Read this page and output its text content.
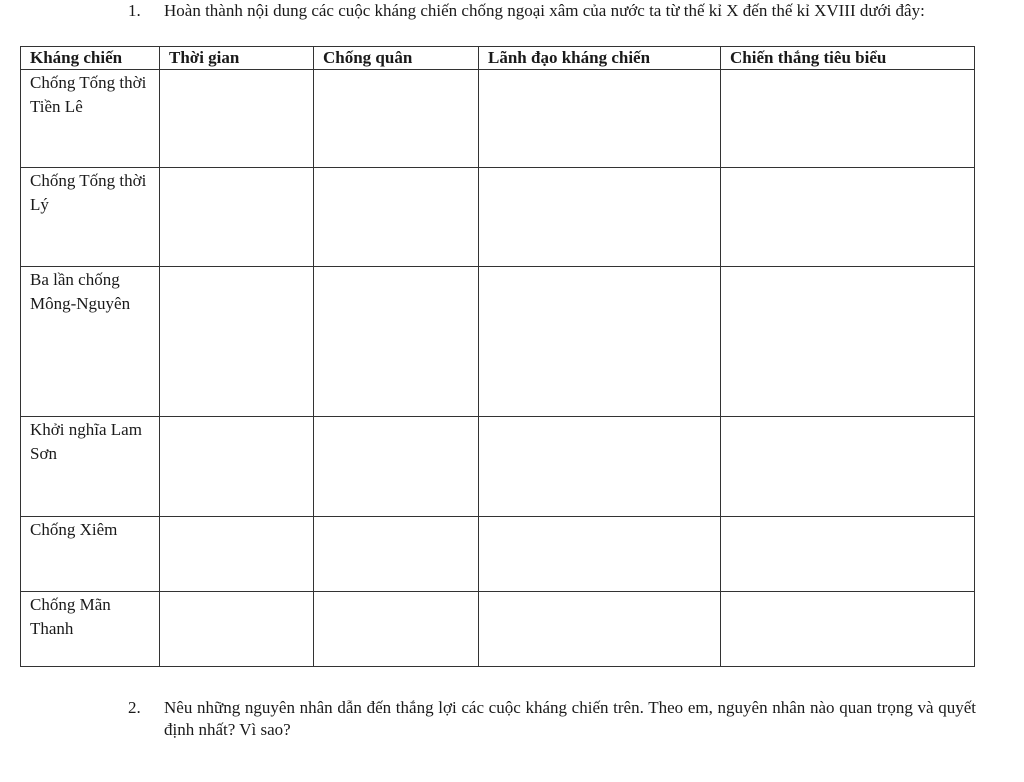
1.	Hoàn thành nội dung các cuộc kháng chiến chống ngoại xâm của nước ta từ thế kỉ X đến thế kỉ XVIII dưới đây:
Kháng chiến	Thời gian	Chống quân	Lãnh đạo kháng chiến	Chiến thắng tiêu biểu
Chống Tống thời Tiền Lê				
Chống Tống thời Lý				
Ba lần chống Mông-Nguyên				
Khởi nghĩa Lam Sơn				
Chống Xiêm				
Chống Mãn Thanh				
2.	Nêu những nguyên nhân dẫn đến thắng lợi các cuộc kháng chiến trên. Theo em, nguyên nhân nào quan trọng và quyết định nhất? Vì sao?
